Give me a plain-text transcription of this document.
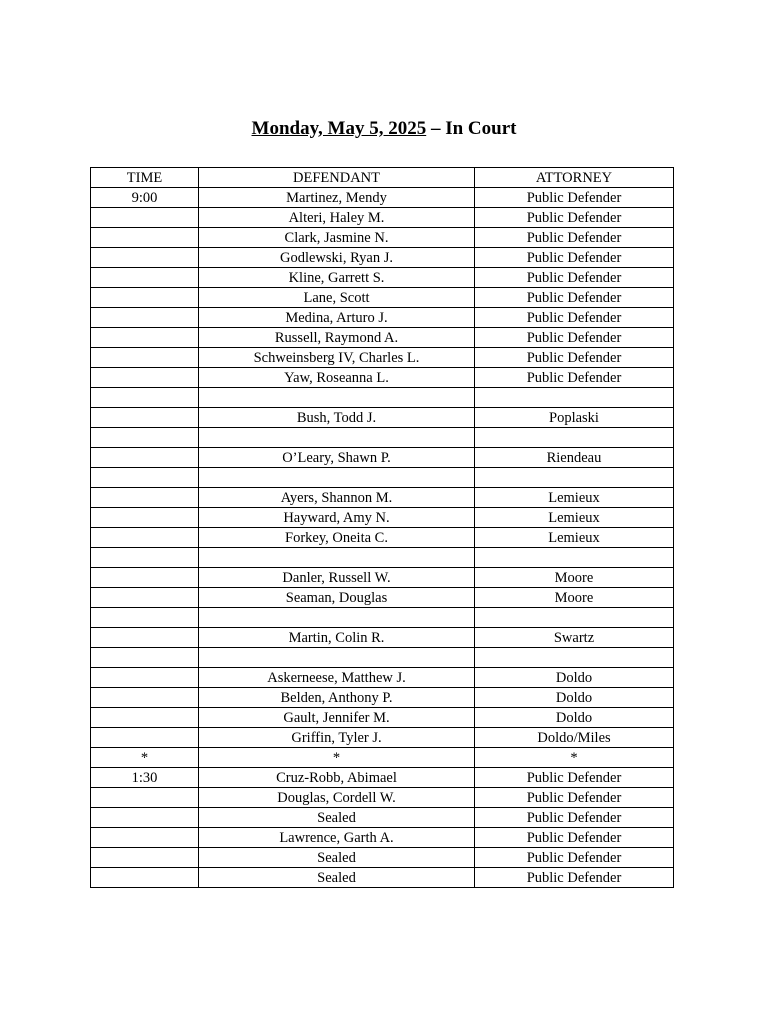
Monday, May 5, 2025 – In Court
TIME	DEFENDANT	ATTORNEY
9:00	Martinez, Mendy	Public Defender
	Alteri, Haley M.	Public Defender
	Clark, Jasmine N.	Public Defender
	Godlewski, Ryan J.	Public Defender
	Kline, Garrett S.	Public Defender
	Lane, Scott	Public Defender
	Medina, Arturo J.	Public Defender
	Russell, Raymond A.	Public Defender
	Schweinsberg IV, Charles L.	Public Defender
	Yaw, Roseanna L.	Public Defender

	Bush, Todd J.	Poplaski

	O’Leary, Shawn P.	Riendeau

	Ayers, Shannon M.	Lemieux
	Hayward, Amy N.	Lemieux
	Forkey, Oneita C.	Lemieux

	Danler, Russell W.	Moore
	Seaman, Douglas	Moore

	Martin, Colin R.	Swartz

	Askerneese, Matthew J.	Doldo
	Belden, Anthony P.	Doldo
	Gault, Jennifer M.	Doldo
	Griffin, Tyler J.	Doldo/Miles
*	*	*
1:30	Cruz-Robb, Abimael	Public Defender
	Douglas, Cordell W.	Public Defender
	Sealed	Public Defender
	Lawrence, Garth A.	Public Defender
	Sealed	Public Defender
	Sealed	Public Defender
